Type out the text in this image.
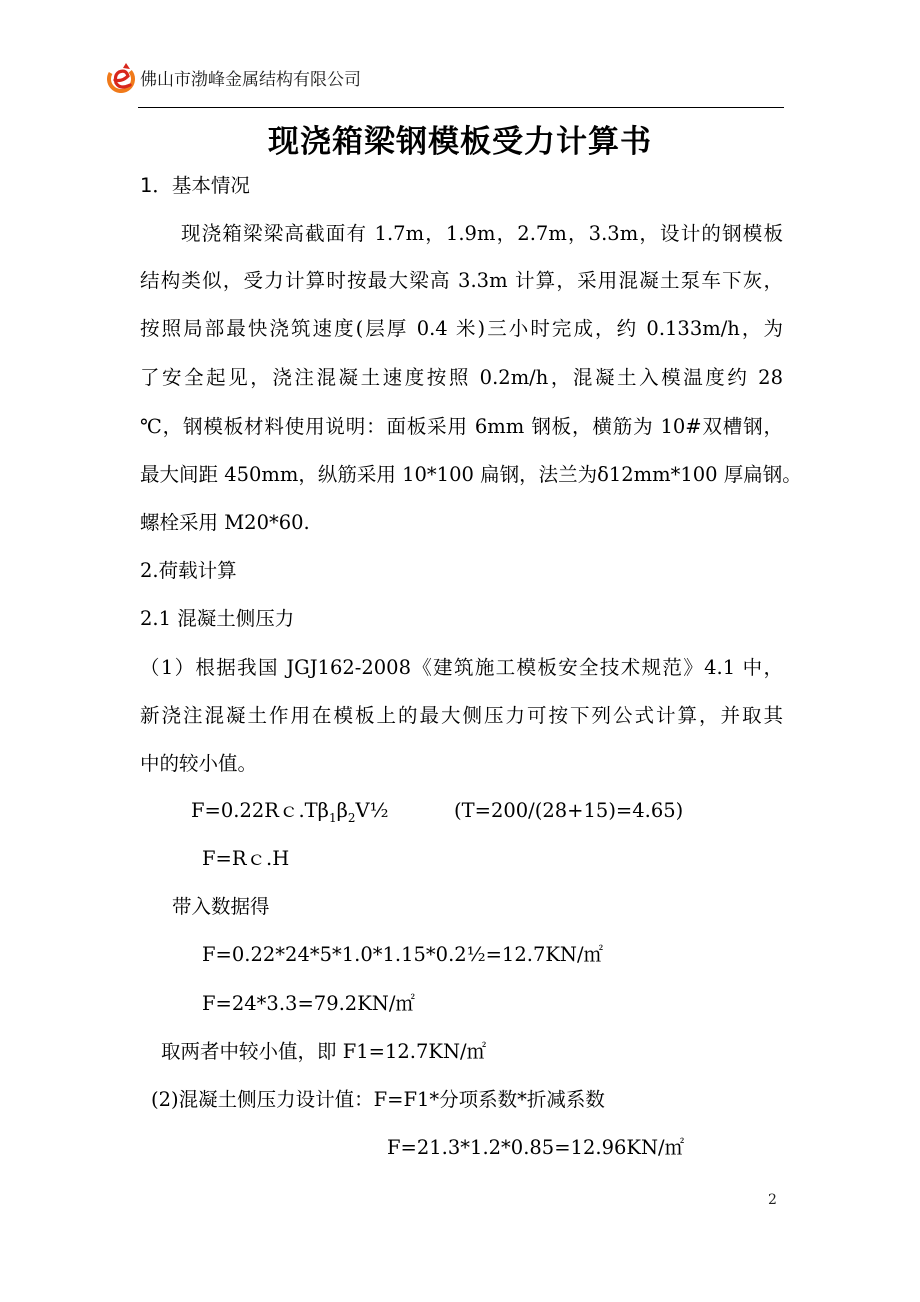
佛山市渤峰金属结构有限公司
现浇箱梁钢模板受力计算书
1．基本情况
现浇箱梁梁高截面有 1.7m，1.9m，2.7m，3.3m，设计的钢模板
结构类似，受力计算时按最大梁高 3.3m 计算，采用混凝土泵车下灰，
按照局部最快浇筑速度(层厚 0.4 米)三小时完成，约 0.133m/h，为
了安全起见，浇注混凝土速度按照 0.2m/h，混凝土入模温度约 28
℃，钢模板材料使用说明：面板采用 6mm 钢板，横筋为 10#双槽钢，
最大间距 450mm，纵筋采用 10*100 扁钢，法兰为δ12mm*100 厚扁钢。
螺栓采用 M20*60.
2.荷载计算
2.1 混凝土侧压力
（1）根据我国 JGJ162-2008《建筑施工模板安全技术规范》4.1 中，
新浇注混凝土作用在模板上的最大侧压力可按下列公式计算，并取其
中的较小值。
$F=0.22Rc.T\beta_1\beta_2V\frac{1}{2}$	(T=200/(28+15)=4.65)
F=Rｃ.H
带入数据得
F=0.22*24*5*1.0*1.15*0.2½=12.7KN/㎡
F=24*3.3=79.2KN/㎡
取两者中较小值，即 F1=12.7KN/㎡
(2)混凝土侧压力设计值：F=F1*分项系数*折减系数
F=21.3*1.2*0.85=12.96KN/㎡
2
